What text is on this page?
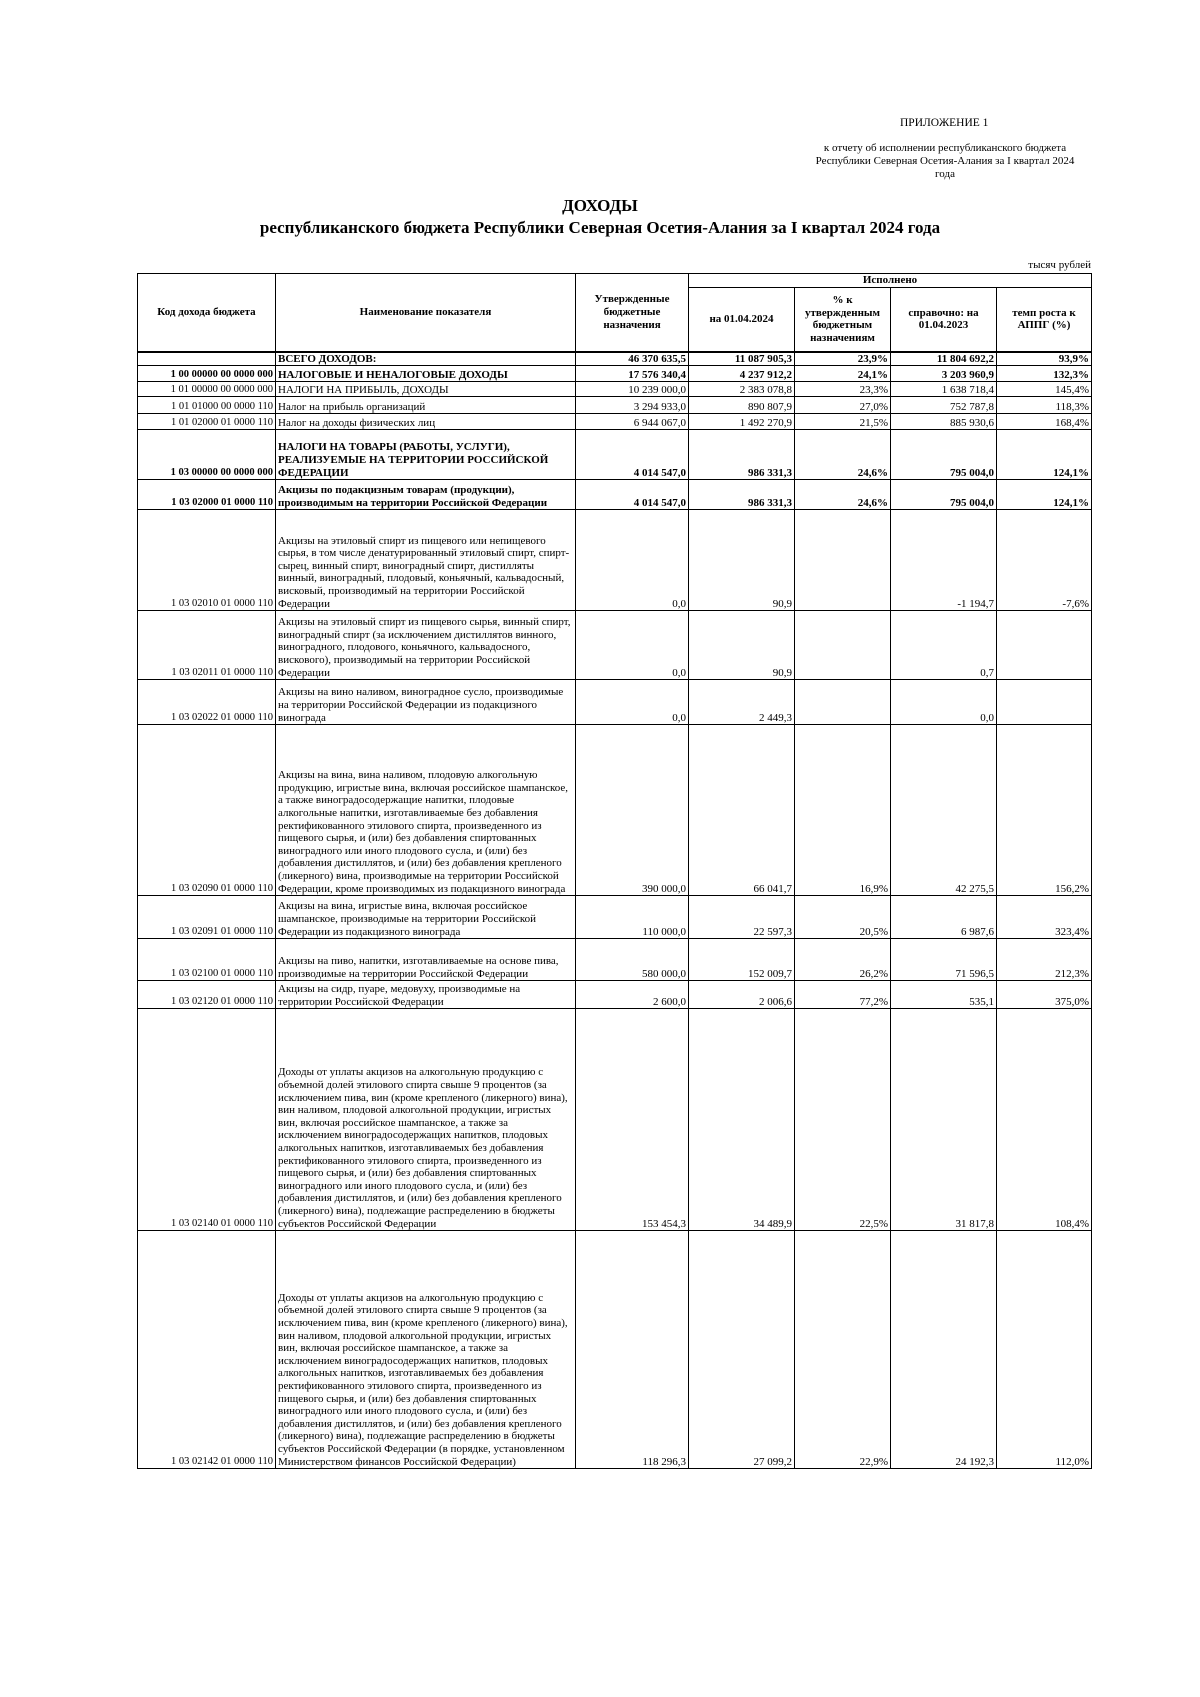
ПРИЛОЖЕНИЕ 1
к отчету об исполнении республиканского бюджета
Республики Северная Осетия-Алания за I квартал 2024
года
ДОХОДЫ
республиканского бюджета Республики Северная Осетия-Алания за I квартал 2024 года
тысяч рублей
Код дохода бюджета	Наименование показателя	Утвержденные бюджетные назначения	Исполнено			
			на 01.04.2024	% к утвержденным бюджетным назначениям	справочно: на 01.04.2023	темп роста к АППГ (%)
	ВСЕГО ДОХОДОВ:	46 370 635,5	11 087 905,3	23,9%	11 804 692,2	93,9%
1 00 00000 00 0000 000	НАЛОГОВЫЕ И НЕНАЛОГОВЫЕ ДОХОДЫ	17 576 340,4	4 237 912,2	24,1%	3 203 960,9	132,3%
1 01 00000 00 0000 000	НАЛОГИ НА ПРИБЫЛЬ, ДОХОДЫ	10 239 000,0	2 383 078,8	23,3%	1 638 718,4	145,4%
1 01 01000 00 0000 110	Налог на прибыль организаций	3 294 933,0	890 807,9	27,0%	752 787,8	118,3%
1 01 02000 01 0000 110	Налог на доходы физических лиц	6 944 067,0	1 492 270,9	21,5%	885 930,6	168,4%
1 03 00000 00 0000 000	НАЛОГИ НА ТОВАРЫ (РАБОТЫ, УСЛУГИ), РЕАЛИЗУЕМЫЕ НА ТЕРРИТОРИИ РОССИЙСКОЙ ФЕДЕРАЦИИ	4 014 547,0	986 331,3	24,6%	795 004,0	124,1%
1 03 02000 01 0000 110	Акцизы по подакцизным товарам (продукции), производимым на территории Российской Федерации	4 014 547,0	986 331,3	24,6%	795 004,0	124,1%
1 03 02010 01 0000 110	Акцизы на этиловый спирт из пищевого или непищевого сырья, в том числе денатурированный этиловый спирт, спирт-сырец, винный спирт, виноградный спирт, дистилляты винный, виноградный, плодовый, коньячный, кальвадосный, висковый, производимый на территории Российской Федерации	0,0	90,9		-1 194,7	-7,6%
1 03 02011 01 0000 110	Акцизы на этиловый спирт из пищевого сырья, винный спирт, виноградный спирт (за исключением дистиллятов винного, виноградного, плодового, коньячного, кальвадосного, вискового), производимый на территории Российской Федерации	0,0	90,9		0,7	
1 03 02022 01 0000 110	Акцизы на вино наливом, виноградное сусло, производимые на территории Российской Федерации из подакцизного винограда	0,0	2 449,3		0,0	
1 03 02090 01 0000 110	Акцизы на вина, вина наливом, плодовую алкогольную продукцию, игристые вина, включая российское шампанское, а также виноградосодержащие напитки, плодовые алкогольные напитки, изготавливаемые без добавления ректификованного этилового спирта, произведенного из пищевого сырья, и (или) без добавления спиртованных виноградного или иного плодового сусла, и (или) без добавления дистиллятов, и (или) без добавления крепленого (ликерного) вина, производимые на территории Российской Федерации, кроме производимых из подакцизного винограда	390 000,0	66 041,7	16,9%	42 275,5	156,2%
1 03 02091 01 0000 110	Акцизы на вина, игристые вина, включая российское шампанское, производимые на территории Российской Федерации из подакцизного винограда	110 000,0	22 597,3	20,5%	6 987,6	323,4%
1 03 02100 01 0000 110	Акцизы на пиво, напитки, изготавливаемые на основе пива, производимые на территории Российской Федерации	580 000,0	152 009,7	26,2%	71 596,5	212,3%
1 03 02120 01 0000 110	Акцизы на сидр, пуаре, медовуху, производимые на территории Российской Федерации	2 600,0	2 006,6	77,2%	535,1	375,0%
1 03 02140 01 0000 110	Доходы от уплаты акцизов на алкогольную продукцию с объемной долей этилового спирта свыше 9 процентов (за исключением пива, вин (кроме крепленого (ликерного) вина), вин наливом, плодовой алкогольной продукции, игристых вин, включая российское шампанское, а также за исключением виноградосодержащих напитков, плодовых алкогольных напитков, изготавливаемых без добавления ректификованного этилового спирта, произведенного из пищевого сырья, и (или) без добавления спиртованных виноградного или иного плодового сусла, и (или) без добавления дистиллятов, и (или) без добавления крепленого (ликерного) вина), подлежащие распределению в бюджеты субъектов Российской Федерации	153 454,3	34 489,9	22,5%	31 817,8	108,4%
1 03 02142 01 0000 110	Доходы от уплаты акцизов на алкогольную продукцию с объемной долей этилового спирта свыше 9 процентов (за исключением пива, вин (кроме крепленого (ликерного) вина), вин наливом, плодовой алкогольной продукции, игристых вин, включая российское шампанское, а также за исключением виноградосодержащих напитков, плодовых алкогольных напитков, изготавливаемых без добавления ректификованного этилового спирта, произведенного из пищевого сырья, и (или) без добавления спиртованных виноградного или иного плодового сусла, и (или) без добавления дистиллятов, и (или) без добавления крепленого (ликерного) вина), подлежащие распределению в бюджеты субъектов Российской Федерации (в порядке, установленном Министерством финансов Российской Федерации)	118 296,3	27 099,2	22,9%	24 192,3	112,0%
